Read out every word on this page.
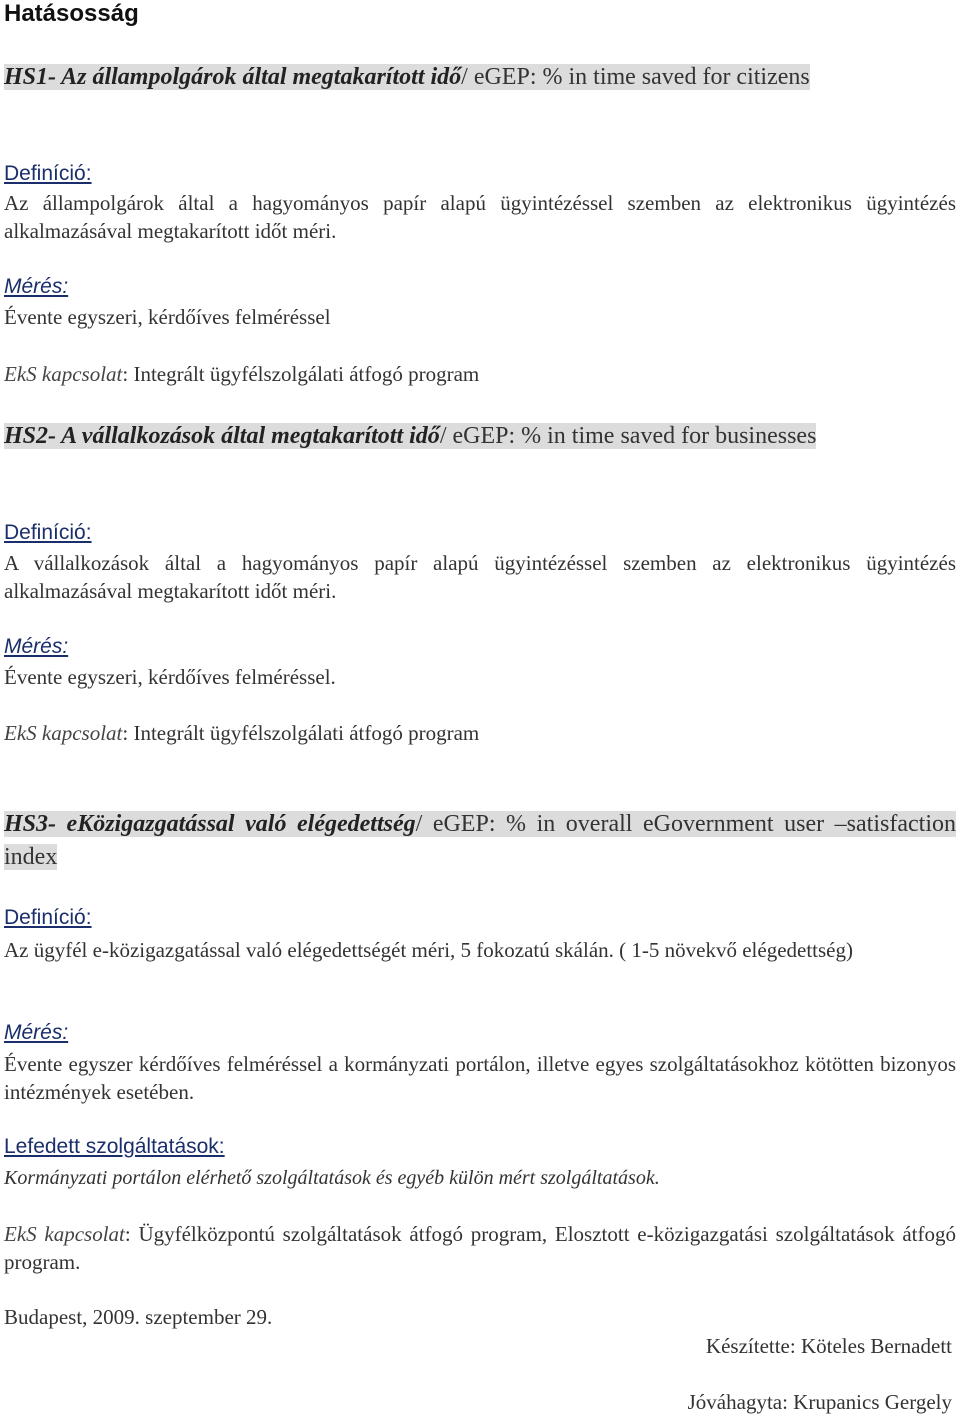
Hatásosság
HS1- Az állampolgárok által megtakarított idő/ eGEP: % in time saved for citizens
Definíció:
Az állampolgárok által a hagyományos papír alapú ügyintézéssel szemben az elektronikus ügyintézés alkalmazásával megtakarított időt méri.
Mérés:
Évente egyszeri, kérdőíves felméréssel
EkS kapcsolat: Integrált ügyfélszolgálati átfogó program
HS2- A vállalkozások által megtakarított idő/ eGEP: % in time saved for businesses
Definíció:
A vállalkozások által a hagyományos papír alapú ügyintézéssel szemben az elektronikus ügyintézés alkalmazásával megtakarított időt méri.
Mérés:
Évente egyszeri, kérdőíves felméréssel.
EkS kapcsolat: Integrált ügyfélszolgálati átfogó program
HS3- eKözigazgatással való elégedettség/ eGEP: % in overall eGovernment user –satisfaction index
Definíció:
Az ügyfél e-közigazgatással való elégedettségét méri, 5 fokozatú skálán. ( 1-5 növekvő elégedettség)
Mérés:
Évente egyszer kérdőíves felméréssel a kormányzati portálon, illetve egyes szolgáltatásokhoz kötötten bizonyos intézmények esetében.
Lefedett szolgáltatások:
Kormányzati portálon elérhető szolgáltatások és egyéb külön mért szolgáltatások.
EkS kapcsolat: Ügyfélközpontú szolgáltatások átfogó program, Elosztott e-közigazgatási szolgáltatások átfogó program.
Budapest, 2009. szeptember 29.
Készítette: Köteles Bernadett
Jóváhagyta: Krupanics Gergely
